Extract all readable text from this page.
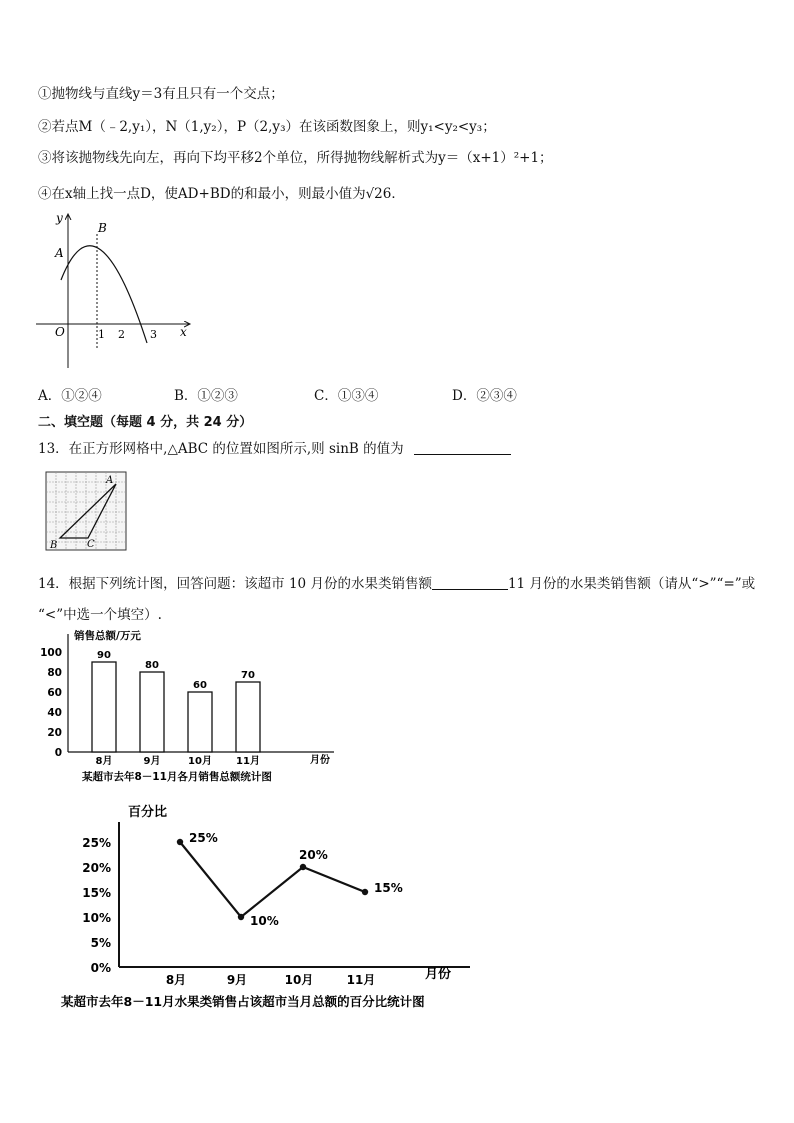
①抛物线与直线y＝3有且只有一个交点；
②若点M（﹣2,y₁），N（1,y₂），P（2,y₃）在该函数图象上，则y₁<y₂<y₃；
③将该抛物线先向左，再向下均平移2个单位，所得抛物线解析式为y＝（x+1）²+1；
④在x轴上找一点D，使AD+BD的和最小，则最小值为√26．
y
x
A
B
O	1 2 3
A．①②④	B．①②③	C．①③④	D．②③④
二、填空题（每题 4 分，共 24 分）
13．在正方形网格中,△ABC 的位置如图所示,则 sinB 的值为
A
B	C
14．根据下列统计图，回答问题：该超市 10 月份的水果类销售额	11 月份的水果类销售额（请从“>”“=”或
“<”中选一个填空）.
销售总额/万元
月份
0
20
40
60
80
100	90
8月
80
9月
60
10月
70
11月
某超市去年8－11月各月销售总额统计图
百分比
月份
0%
5%
10%
15%
20%
25%	25%
8月
10%
9月
20%
10月
15%
11月
某超市去年8－11月水果类销售占该超市当月总额的百分比统计图
